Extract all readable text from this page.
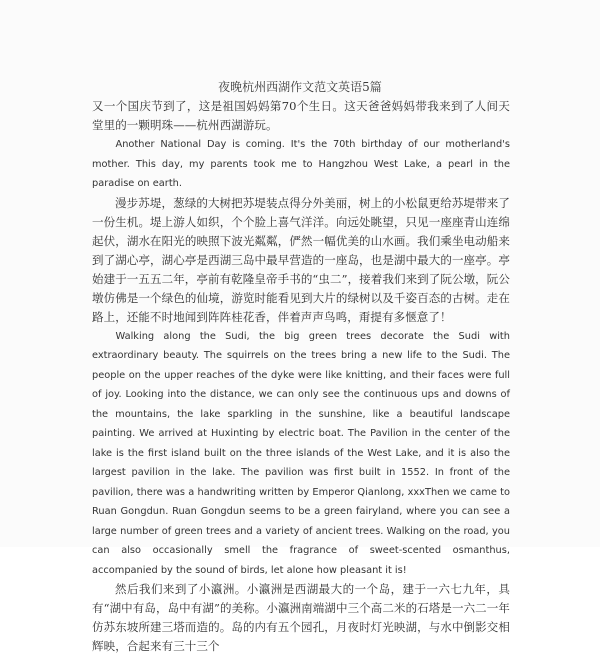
夜晚杭州西湖作文范文英语5篇

又一个国庆节到了，这是祖国妈妈第70个生日。这天爸爸妈妈带我来到了人间天堂里的一颗明珠——杭州西湖游玩。

Another National Day is coming. It's the 70th birthday of our motherland's mother. This day, my parents took me to Hangzhou West Lake, a pearl in the paradise on earth.

漫步苏堤，葱绿的大树把苏堤装点得分外美丽，树上的小松鼠更给苏堤带来了一份生机。堤上游人如织，个个脸上喜气洋洋。向远处眺望，只见一座座青山连绵起伏，湖水在阳光的映照下波光粼粼，俨然一幅优美的山水画。我们乘坐电动船来到了湖心亭，湖心亭是西湖三岛中最早营造的一座岛，也是湖中最大的一座亭。亭始建于一五五二年，亭前有乾隆皇帝手书的“虫二”，接着我们来到了阮公墩，阮公墩仿佛是一个绿色的仙境，游览时能看见到大片的绿树以及千姿百态的古树。走在路上，还能不时地闻到阵阵桂花香，伴着声声鸟鸣，甭提有多惬意了！

Walking along the Sudi, the big green trees decorate the Sudi with extraordinary beauty. The squirrels on the trees bring a new life to the Sudi. The people on the upper reaches of the dyke were like knitting, and their faces were full of joy. Looking into the distance, we can only see the continuous ups and downs of the mountains, the lake sparkling in the sunshine, like a beautiful landscape painting. We arrived at Huxinting by electric boat. The Pavilion in the center of the lake is the first island built on the three islands of the West Lake, and it is also the largest pavilion in the lake. The pavilion was first built in 1552. In front of the pavilion, there was a handwriting written by Emperor Qianlong, xxxThen we came to Ruan Gongdun. Ruan Gongdun seems to be a green fairyland, where you can see a large number of green trees and a variety of ancient trees. Walking on the road, you can also occasionally smell the fragrance of sweet-scented osmanthus, accompanied by the sound of birds, let alone how pleasant it is!

然后我们来到了小瀛洲。小瀛洲是西湖最大的一个岛，建于一六七九年，具有“湖中有岛，岛中有湖”的美称。小瀛洲南端湖中三个高二米的石塔是一六二一年仿苏东坡所建三塔而造的。岛的内有五个园孔，月夜时灯光映湖，与水中倒影交相辉映，合起来有三十三个
